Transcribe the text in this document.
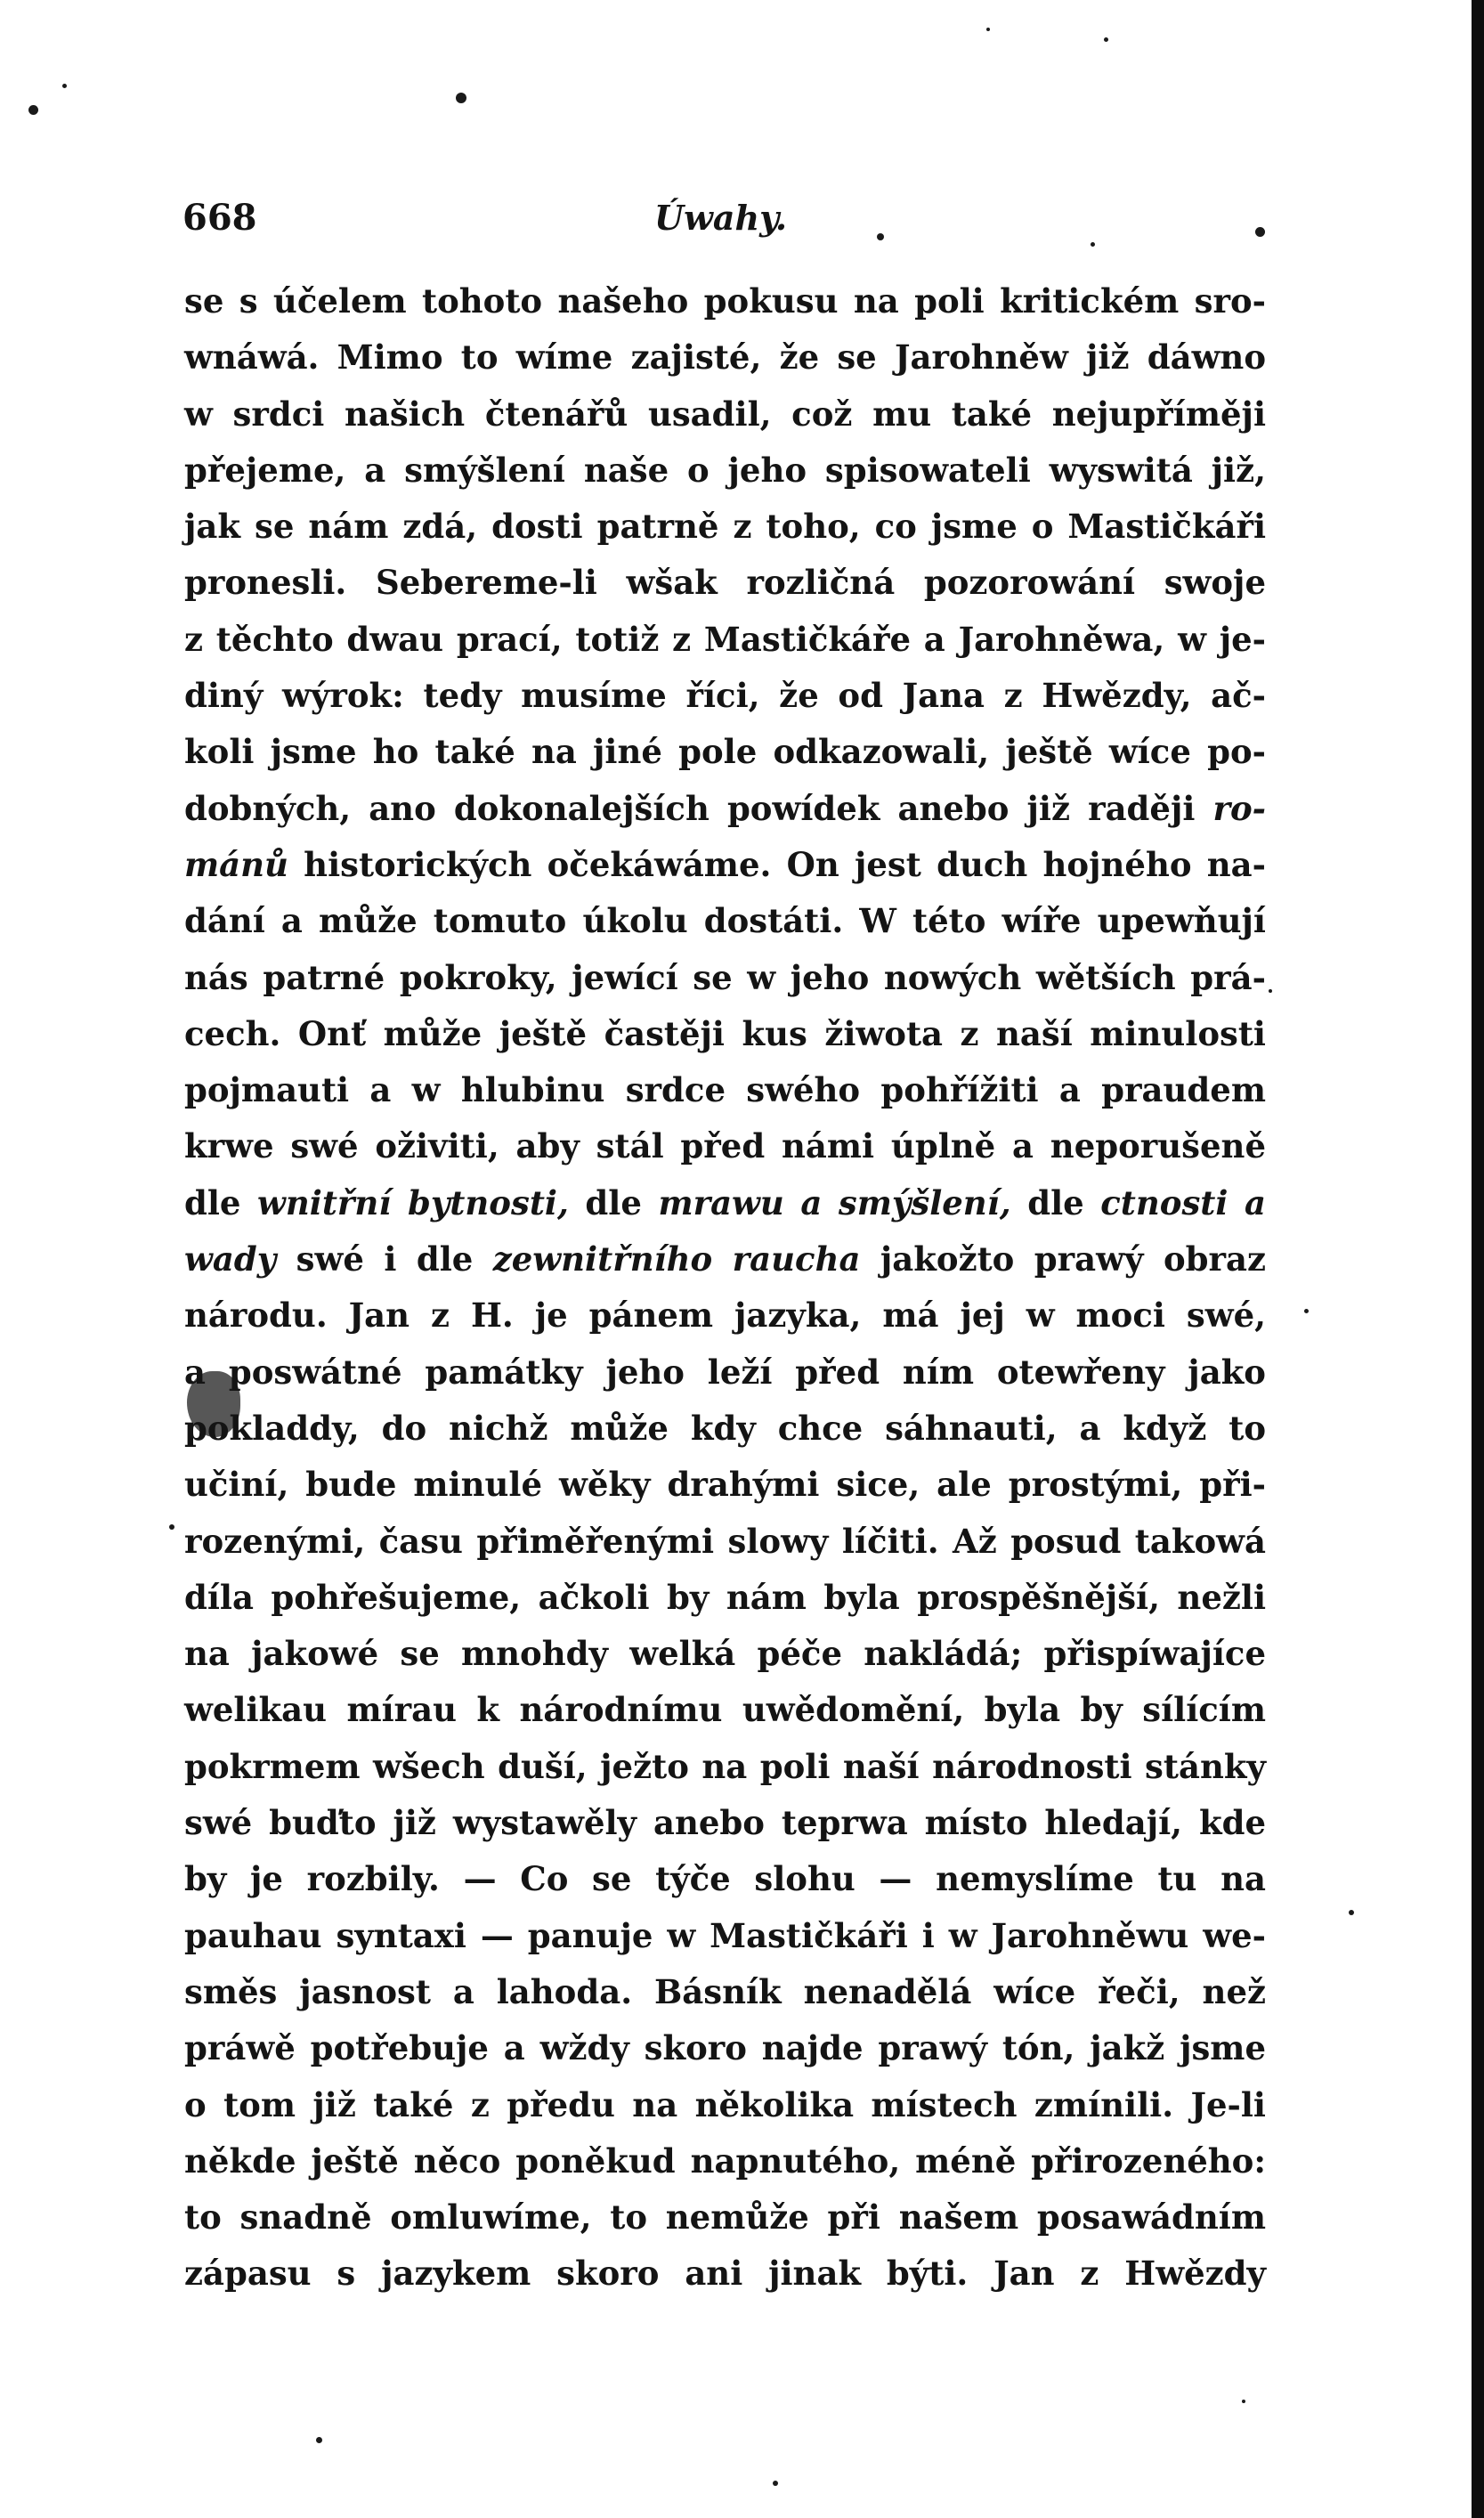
668	Úwahy.
se s účelem tohoto našeho pokusu na poli kritickém sro-
wnáwá. Mimo to wíme zajisté, že se Jarohněw již dáwno
w srdci našich čtenářů usadil, což mu také nejupříměji
přejeme, a smýšlení naše o jeho spisowateli wyswitá již,
jak se nám zdá, dosti patrně z toho, co jsme o Mastičkáři
pronesli. Sebereme-li wšak rozličná pozorowání swoje
z těchto dwau prací, totiž z Mastičkáře a Jarohněwa, w je-
diný wýrok: tedy musíme říci, že od Jana z Hwězdy, ač-
koli jsme ho také na jiné pole odkazowali, ještě wíce po-
dobných, ano dokonalejších powídek anebo již raději ro-
mánů historických očekáwáme. On jest duch hojného na-
dání a může tomuto úkolu dostáti. W této wíře upewňují
nás patrné pokroky, jewící se w jeho nowých wětších prá-
cech. Onť může ještě častěji kus žiwota z naší minulosti
pojmauti a w hlubinu srdce swého pohřížiti a praudem
krwe swé oživiti, aby stál před námi úplně a neporušeně
dle wnitřní bytnosti, dle mrawu a smýšlení, dle ctnosti a
wady swé i dle zewnitřního raucha jakožto prawý obraz
národu. Jan z H. je pánem jazyka, má jej w moci swé,
a poswátné památky jeho leží před ním otewřeny jako
pokladdy, do nichž může kdy chce sáhnauti, a když to
učiní, bude minulé wěky drahými sice, ale prostými, při-
rozenými, času přiměřenými slowy líčiti. Až posud takowá
díla pohřešujeme, ačkoli by nám byla prospěšnější, nežli
na jakowé se mnohdy welká péče nakládá; přispíwajíce
welikau mírau k národnímu uwědomění, byla by sílícím
pokrmem wšech duší, ježto na poli naší národnosti stánky
swé buďto již wystawěly anebo teprwa místo hledají, kde
by je rozbily. — Co se týče slohu — nemyslíme tu na
pauhau syntaxi — panuje w Mastičkáři i w Jarohněwu we-
směs jasnost a lahoda. Básník nenadělá wíce řeči, než
práwě potřebuje a wždy skoro najde prawý tón, jakž jsme
o tom již také z předu na několika místech zmínili. Je-li
někde ještě něco poněkud napnutého, méně přirozeného:
to snadně omluwíme, to nemůže při našem posawádním
zápasu s jazykem skoro ani jinak býti. Jan z Hwězdy
